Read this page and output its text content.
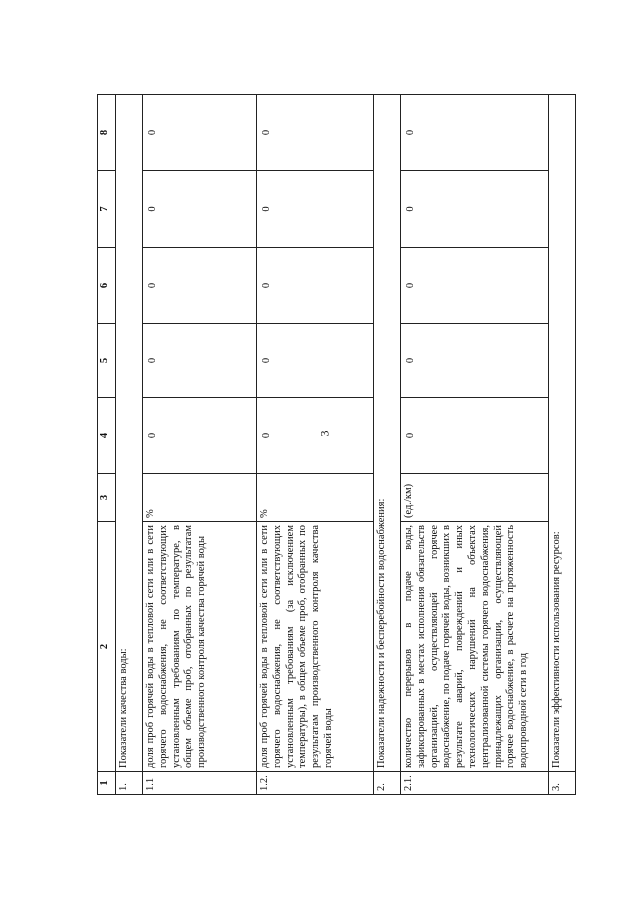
3
1	2	3	4	5	6	7	8
1.	Показатели качества воды:						
1.1	доля проб горячей воды в тепловой сети или в сети горячего водоснабжения, не соответствующих установленным требованиям по температуре, в общем объеме проб, отобранных по результатам производственного контроля качества горячей воды	%	0	0	0	0	0
1.2.	доля проб горячей воды в тепловой сети или в сети горячего водоснабжения, не соответствующих установленным требованиям (за исключением температуры), в общем объеме проб, отобранных по результатам производственного контроля качества горячей воды	%	0	0	0	0	0
2.	Показатели надежности и бесперебойности водоснабжения:						
2.1.	количество перерывов в подаче воды, зафиксированных в местах исполнения обязательств организацией, осуществляющей горячее водоснабжение, по подаче горячей воды, возникших в результате аварий, повреждений и иных технологических нарушений на объектах централизованной системы горячего водоснабжения, принадлежащих организации, осуществляющей горячее водоснабжение, в расчете на протяженность водопроводной сети в год	(ед./км)	0	0	0	0	0
3.	Показатели эффективности использования ресурсов:						
